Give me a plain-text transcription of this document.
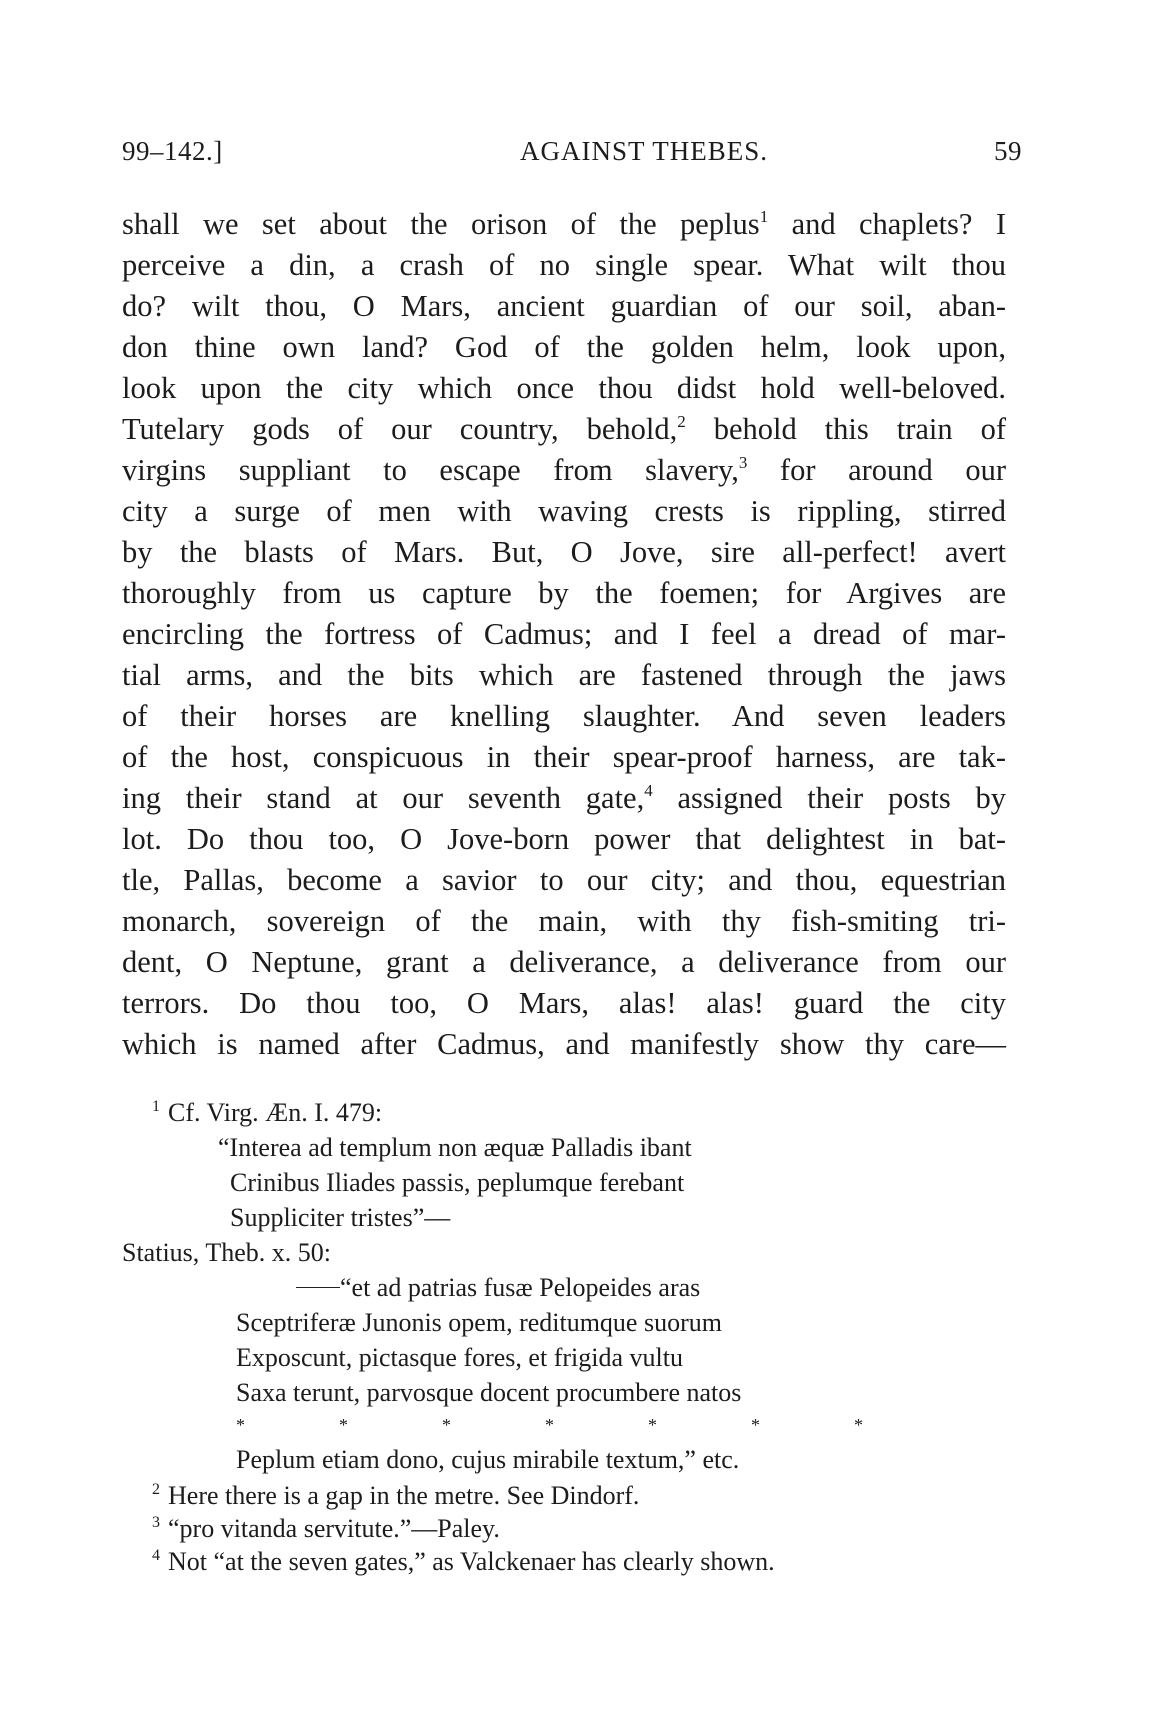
99–142.]	AGAINST THEBES.	59
shall we set about the orison of the peplus$^1$ and chaplets? I
perceive a din, a crash of no single spear. What wilt thou
do? wilt thou, O Mars, ancient guardian of our soil, aban-
don thine own land? God of the golden helm, look upon,
look upon the city which once thou didst hold well-beloved.
Tutelary gods of our country, behold,$^2$ behold this train of
virgins suppliant to escape from slavery,$^3$ for around our
city a surge of men with waving crests is rippling, stirred
by the blasts of Mars. But, O Jove, sire all-perfect! avert
thoroughly from us capture by the foemen; for Argives are
encircling the fortress of Cadmus; and I feel a dread of mar-
tial arms, and the bits which are fastened through the jaws
of their horses are knelling slaughter. And seven leaders
of the host, conspicuous in their spear-proof harness, are tak-
ing their stand at our seventh gate,$^4$ assigned their posts by
lot. Do thou too, O Jove-born power that delightest in bat-
tle, Pallas, become a savior to our city; and thou, equestrian
monarch, sovereign of the main, with thy fish-smiting tri-
dent, O Neptune, grant a deliverance, a deliverance from our
terrors. Do thou too, O Mars, alas! alas! guard the city
which is named after Cadmus, and manifestly show thy care—
$^1$ Cf. Virg. Æn. I. 479:
“Interea ad templum non æquæ Palladis ibant
Crinibus Iliades passis, peplumque ferebant
Suppliciter tristes”—
Statius, Theb. x. 50:
“et ad patrias fusæ Pelopeides aras
Sceptriferæ Junonis opem, reditumque suorum
Exposcunt, pictasque fores, et frigida vultu
Saxa terunt, parvosque docent procumbere natos
*	*	*	*	*	*	*
Peplum etiam dono, cujus mirabile textum,” etc.
$^2$ Here there is a gap in the metre. See Dindorf.
$^3$ “pro vitanda servitute.”—Paley.
$^4$ Not “at the seven gates,” as Valckenaer has clearly shown.
